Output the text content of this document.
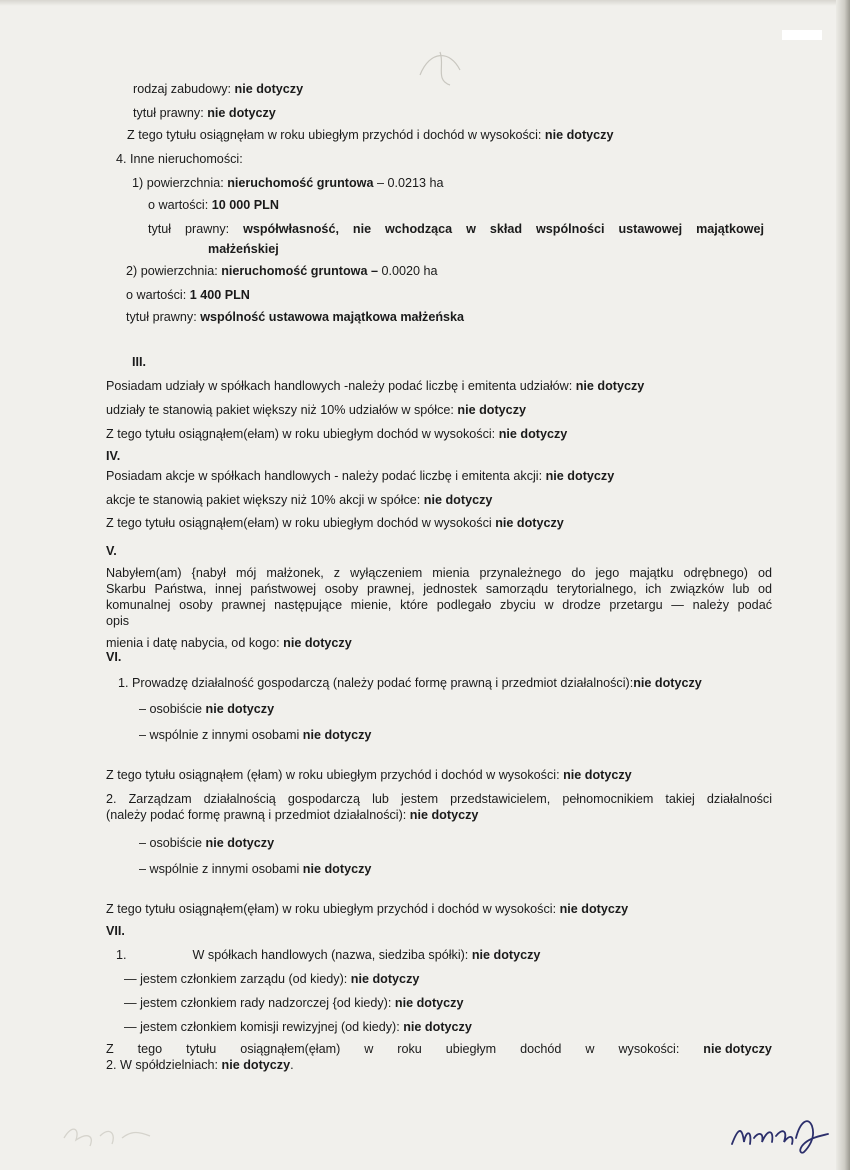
rodzaj zabudowy: nie dotyczy
tytuł prawny: nie dotyczy
Z tego tytułu osiągnęłam w roku ubiegłym przychód i dochód w wysokości: nie dotyczy
4. Inne nieruchomości:
1) powierzchnia: nieruchomość gruntowa – 0.0213 ha
o wartości: 10 000 PLN
tytuł prawny: współwłasność, nie wchodząca w skład wspólności ustawowej majątkowej
małżeńskiej
2) powierzchnia: nieruchomość gruntowa – 0.0020 ha
o wartości: 1 400 PLN
tytuł prawny: wspólność ustawowa majątkowa małżeńska
III.
Posiadam udziały w spółkach handlowych -należy podać liczbę i emitenta udziałów: nie dotyczy
udziały te stanowią pakiet większy niż 10% udziałów w spółce: nie dotyczy
Z tego tytułu osiągnąłem(ełam) w roku ubiegłym dochód w wysokości: nie dotyczy
IV.
Posiadam akcje w spółkach handlowych - należy podać liczbę i emitenta akcji: nie dotyczy
akcje te stanowią pakiet większy niż 10% akcji w spółce: nie dotyczy
Z tego tytułu osiągnąłem(ełam) w roku ubiegłym dochód w wysokości nie dotyczy
V.
Nabyłem(am) {nabył mój małżonek, z wyłączeniem mienia przynależnego do jego majątku odrębnego) od
Skarbu Państwa, innej państwowej osoby prawnej, jednostek samorządu terytorialnego, ich związków lub od
komunalnej osoby prawnej następujące mienie, które podlegało zbyciu w drodze przetargu — należy podać
opis
mienia i datę nabycia, od kogo: nie dotyczy
VI.
1. Prowadzę działalność gospodarczą (należy podać formę prawną i przedmiot działalności):nie dotyczy
– osobiście nie dotyczy
– wspólnie z innymi osobami nie dotyczy
Z tego tytułu osiągnąłem (ęłam) w roku ubiegłym przychód i dochód w wysokości: nie dotyczy
2. Zarządzam działalnością gospodarczą lub jestem przedstawicielem, pełnomocnikiem takiej działalności
(należy podać formę prawną i przedmiot działalności): nie dotyczy
– osobiście nie dotyczy
– wspólnie z innymi osobami nie dotyczy
Z tego tytułu osiągnąłem(ęłam) w roku ubiegłym przychód i dochód w wysokości: nie dotyczy
VII.
1.	W spółkach handlowych (nazwa, siedziba spółki): nie dotyczy
— jestem członkiem zarządu (od kiedy): nie dotyczy
— jestem członkiem rady nadzorczej {od kiedy): nie dotyczy
— jestem członkiem komisji rewizyjnej (od kiedy): nie dotyczy
Z tego tytułu osiągnąłem(ęłam) w roku ubiegłym dochód w wysokości: nie dotyczy
2. W spółdzielniach: nie dotyczy.
